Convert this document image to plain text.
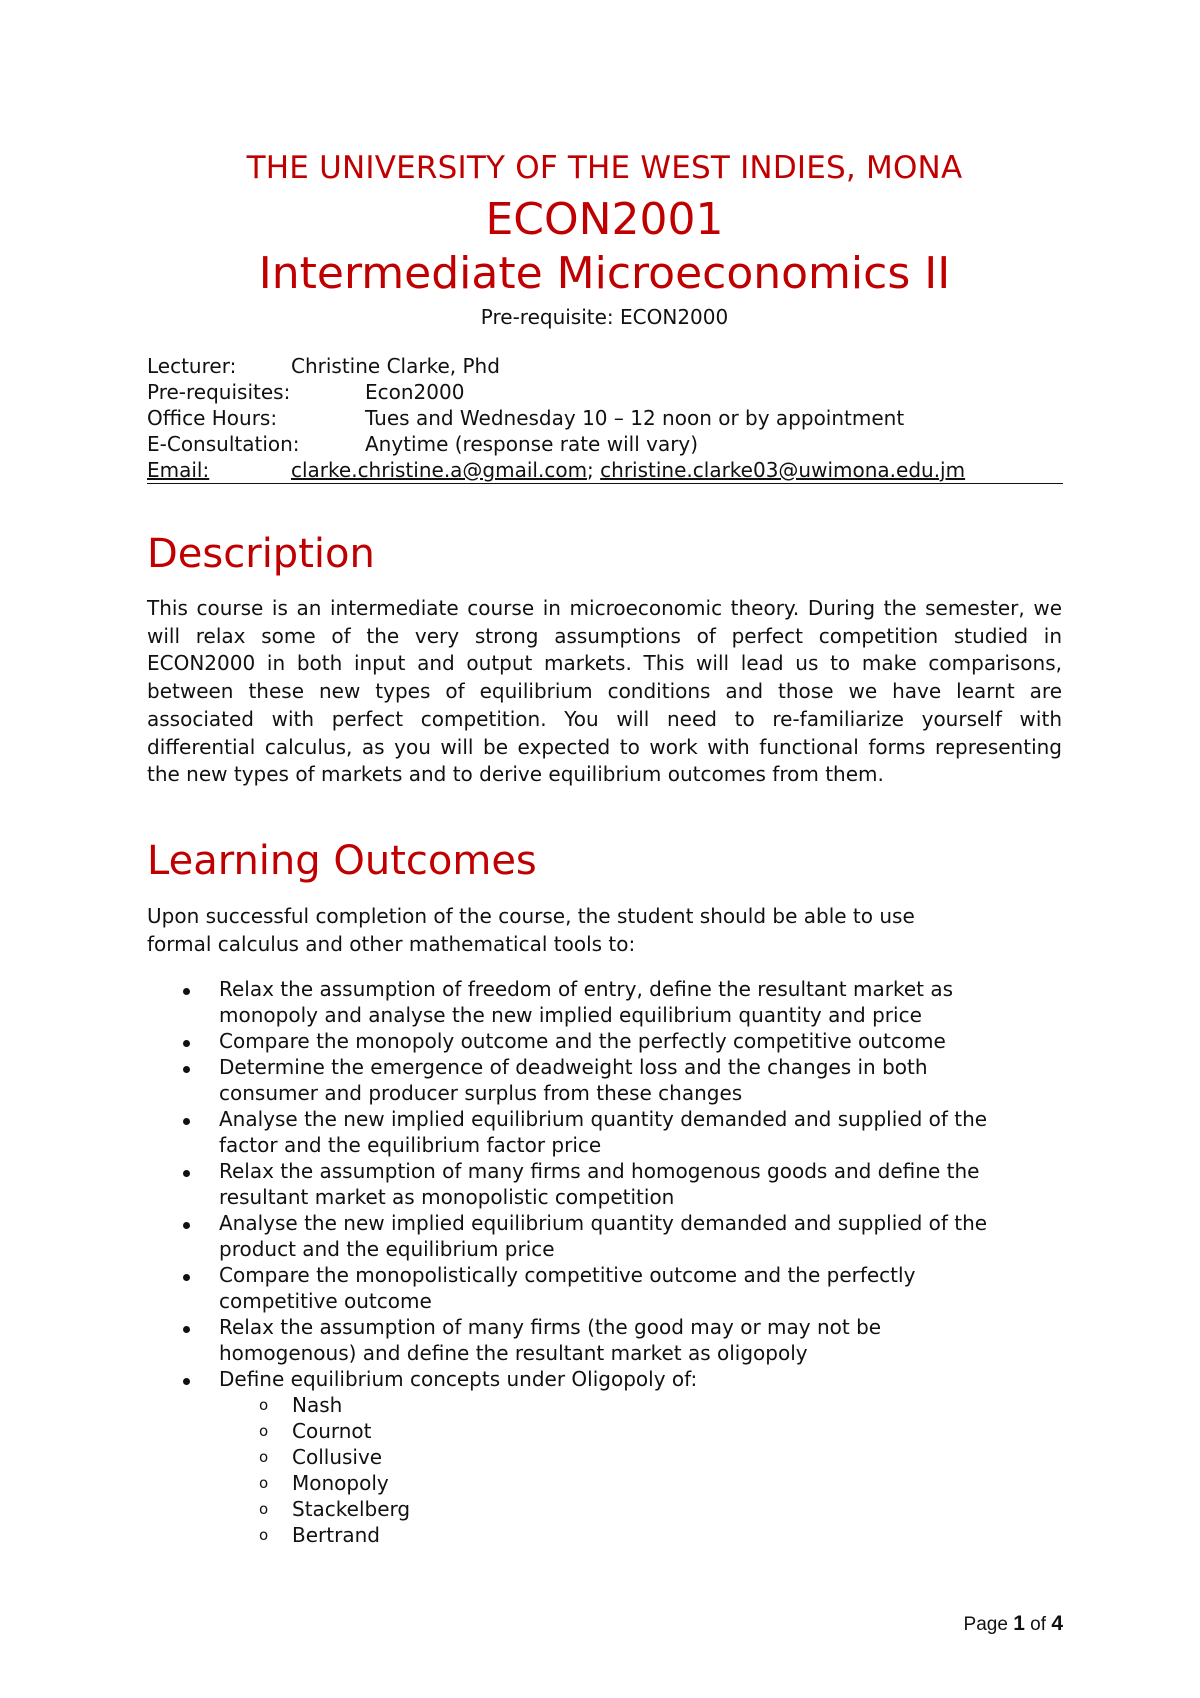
THE UNIVERSITY OF THE WEST INDIES, MONA
ECON2001
Intermediate Microeconomics II
Pre-requisite: ECON2000
Lecturer:	Christine Clarke, Phd
Pre-requisites:	Econ2000
Office Hours:	Tues and Wednesday 10 – 12 noon or by appointment
E-Consultation:	Anytime (response rate will vary)
Email:	clarke.christine.a@gmail.com; christine.clarke03@uwimona.edu.jm
Description

This course is an intermediate course in microeconomic theory. During the semester, we will relax some of the very strong assumptions of perfect competition studied in ECON2000 in both input and output markets. This will lead us to make comparisons, between these new types of equilibrium conditions and those we have learnt are associated with perfect competition. You will need to re-familiarize yourself with differential calculus, as you will be expected to work with functional forms representing the new types of markets and to derive equilibrium outcomes from them.

Learning Outcomes
Upon successful completion of the course, the student should be able to use
formal calculus and other mathematical tools to:
Relax the assumption of freedom of entry, define the resultant market as monopoly and analyse the new implied equilibrium quantity and price
Compare the monopoly outcome and the perfectly competitive outcome
Determine the emergence of deadweight loss and the changes in both consumer and producer surplus from these changes
Analyse the new implied equilibrium quantity demanded and supplied of the factor and the equilibrium factor price
Relax the assumption of many firms and homogenous goods and define the resultant market as monopolistic competition
Analyse the new implied equilibrium quantity demanded and supplied of the product and the equilibrium price
Compare the monopolistically competitive outcome and the perfectly competitive outcome
Relax the assumption of many firms (the good may or may not be homogenous) and define the resultant market as oligopoly
Define equilibrium concepts under Oligopoly of:
o Nash
o Cournot
o Collusive
o Monopoly
o Stackelberg
o Bertrand
Page 1 of 4
